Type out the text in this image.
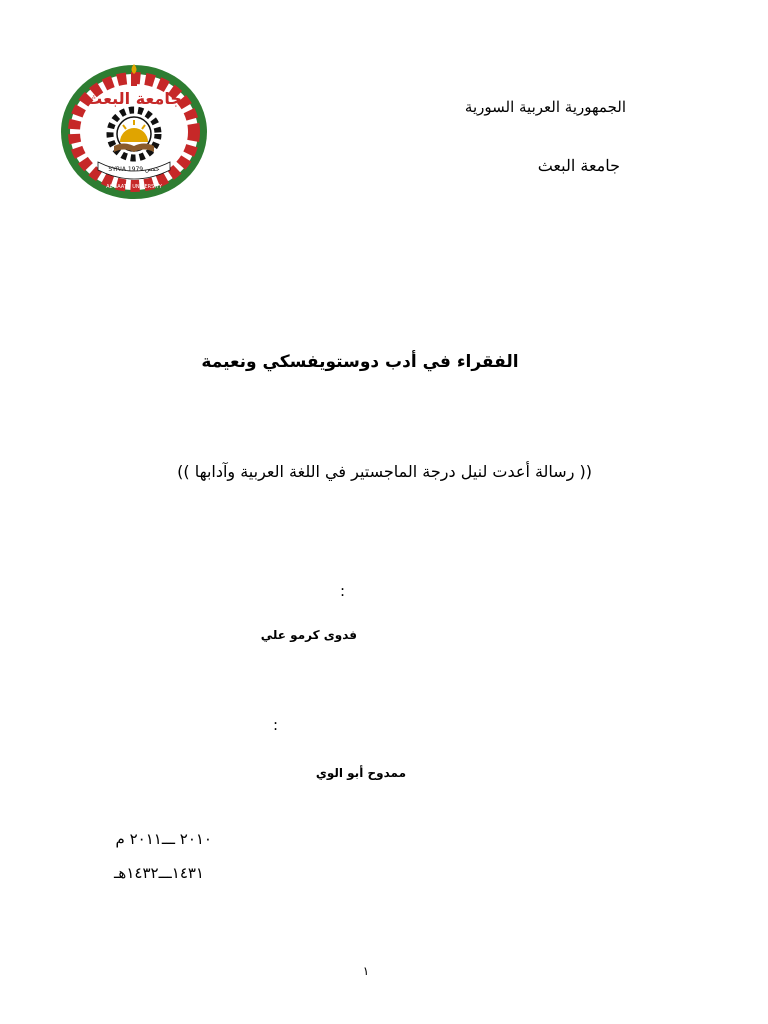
SYRIA 1979 حمص
جامعة البعث
AL-BAATH UNIVERSITY
الجمهورية العربية السورية
جامعة البعث
الفقراء في أدب دوستويفسكي ونعيمة
(( رسالة أعدت لنيل درجة الماجستير في اللغة العربية وآدابها ))
:
فدوى كرمو علي
:
ممدوح أبو الوي
٢٠١٠ ـــ٢٠١١ م
١٤٣١ـــ١٤٣٢هـ
١
